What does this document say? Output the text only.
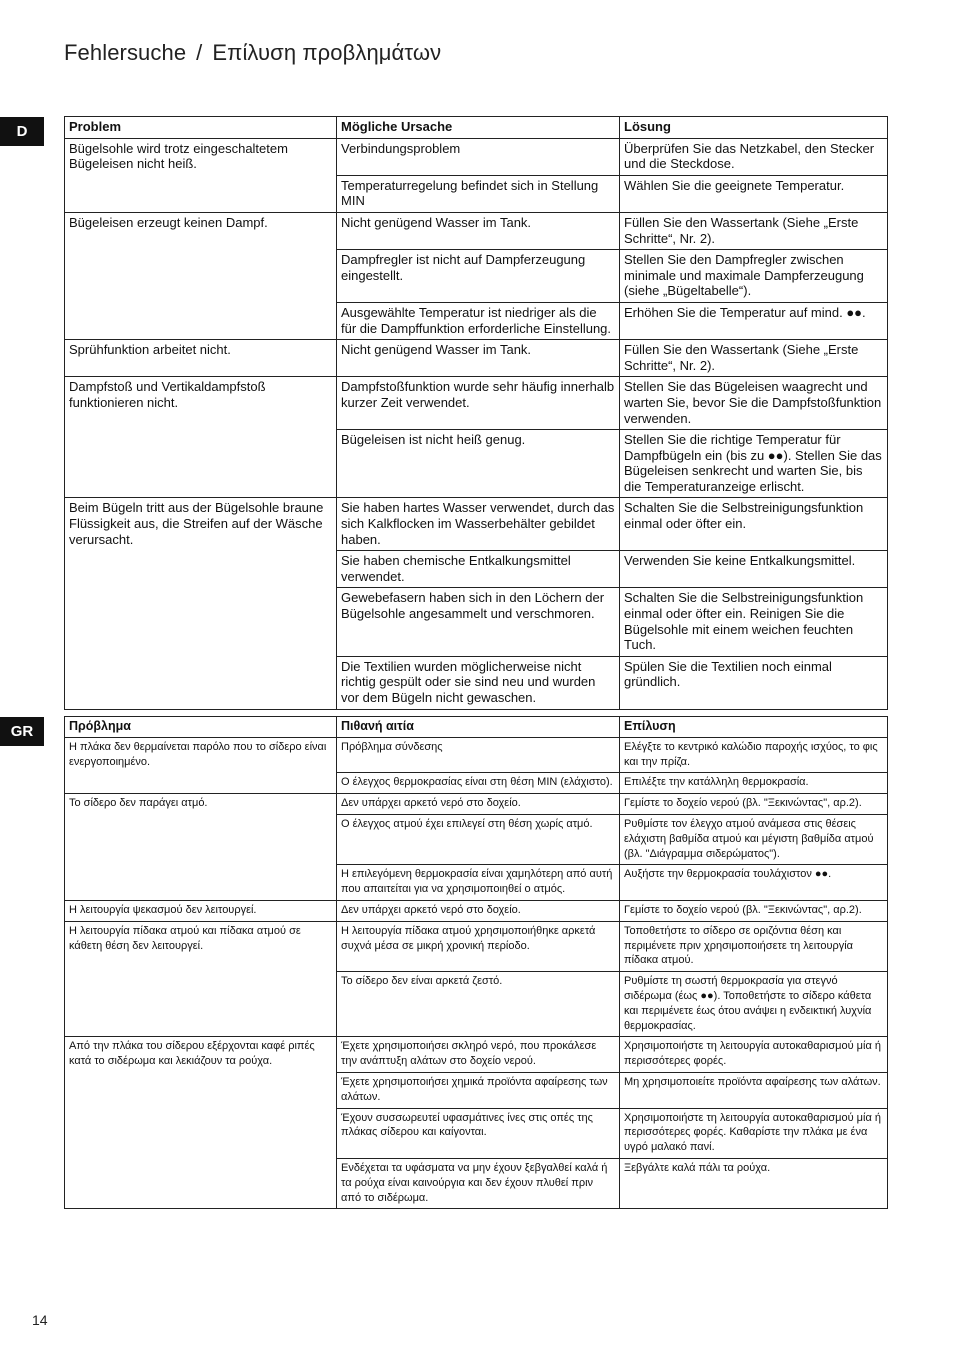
Fehlersuche / Επίλυση προβλημάτων
D
GR
Problem	Mögliche Ursache	Lösung
Bügelsohle wird trotz eingeschaltetem Bügeleisen nicht heiß.	Verbindungsproblem	Überprüfen Sie das Netzkabel, den Stecker und die Steckdose.
	Temperaturregelung befindet sich in Stellung MIN	Wählen Sie die geeignete Temperatur.
Bügeleisen erzeugt keinen Dampf.	Nicht genügend Wasser im Tank.	Füllen Sie den Wassertank (Siehe „Erste Schritte“, Nr. 2).
	Dampfregler ist nicht auf Dampferzeugung eingestellt.	Stellen Sie den Dampfregler zwischen minimale und maximale Dampferzeugung (siehe „Bügeltabelle“).
	Ausgewählte Temperatur ist niedriger als die für die Dampffunktion erforderliche Einstellung.	Erhöhen Sie die Temperatur auf mind. ●●.
Sprühfunktion arbeitet nicht.	Nicht genügend Wasser im Tank.	Füllen Sie den Wassertank (Siehe „Erste Schritte“, Nr. 2).
Dampfstoß und Vertikaldampfstoß funktionieren nicht.	Dampfstoßfunktion wurde sehr häufig innerhalb kurzer Zeit verwendet.	Stellen Sie das Bügeleisen waagrecht und warten Sie, bevor Sie die Dampfstoßfunktion verwenden.
	Bügeleisen ist nicht heiß genug.	Stellen Sie die richtige Temperatur für Dampfbügeln ein (bis zu ●●). Stellen Sie das Bügeleisen senkrecht und warten Sie, bis die Temperaturanzeige erlischt.
Beim Bügeln tritt aus der Bügelsohle braune Flüssigkeit aus, die Streifen auf der Wäsche verursacht.	Sie haben hartes Wasser verwendet, durch das sich Kalkflocken im Wasserbehälter gebildet haben.	Schalten Sie die Selbstreinigungsfunktion einmal oder öfter ein.
	Sie haben chemische Entkalkungsmittel verwendet.	Verwenden Sie keine Entkalkungsmittel.
	Gewebefasern haben sich in den Löchern der Bügelsohle angesammelt und verschmoren.	Schalten Sie die Selbstreinigungsfunktion einmal oder öfter ein. Reinigen Sie die Bügelsohle mit einem weichen feuchten Tuch.
	Die Textilien wurden möglicherweise nicht richtig gespült oder sie sind neu und wurden vor dem Bügeln nicht gewaschen.	Spülen Sie die Textilien noch einmal gründlich.
Πρόβλημα	Πιθανή αιτία	Επίλυση
Η πλάκα δεν θερμαίνεται παρόλο που το σίδερο είναι ενεργοποιημένο.	Πρόβλημα σύνδεσης	Ελέγξτε το κεντρικό καλώδιο παροχής ισχύος, το φις και την πρίζα.
	Ο έλεγχος θερμοκρασίας είναι στη θέση MIN (ελάχιστο).	Επιλέξτε την κατάλληλη θερμοκρασία.
Το σίδερο δεν παράγει ατμό.	Δεν υπάρχει αρκετό νερό στο δοχείο.	Γεμίστε το δοχείο νερού (βλ. "Ξεκινώντας", αρ.2).
	Ο έλεγχος ατμού έχει επιλεγεί στη θέση χωρίς ατμό.	Ρυθμίστε τον έλεγχο ατμού ανάμεσα στις θέσεις ελάχιστη βαθμίδα ατμού και μέγιστη βαθμίδα ατμού (βλ. "Διάγραμμα σιδερώματος").
	Η επιλεγόμενη θερμοκρασία είναι χαμηλότερη από αυτή που απαιτείται για να χρησιμοποιηθεί ο ατμός.	Αυξήστε την θερμοκρασία τουλάχιστον ●●.
Η λειτουργία ψεκασμού δεν λειτουργεί.	Δεν υπάρχει αρκετό νερό στο δοχείο.	Γεμίστε το δοχείο νερού (βλ. "Ξεκινώντας", αρ.2).
Η λειτουργία πίδακα ατμού και πίδακα ατμού σε κάθετη θέση δεν λειτουργεί.	Η λειτουργία πίδακα ατμού χρησιμοποιήθηκε αρκετά συχνά μέσα σε μικρή χρονική περίοδο.	Τοποθετήστε το σίδερο σε οριζόντια θέση και περιμένετε πριν χρησιμοποιήσετε τη λειτουργία πίδακα ατμού.
	Το σίδερο δεν είναι αρκετά ζεστό.	Ρυθμίστε τη σωστή θερμοκρασία για στεγνό σιδέρωμα (έως ●●). Τοποθετήστε το σίδερο κάθετα και περιμένετε έως ότου ανάψει η ενδεικτική λυχνία θερμοκρασίας.
Από την πλάκα του σίδερου εξέρχονται καφέ ριπές κατά το σιδέρωμα και λεκιάζουν τα ρούχα.	Έχετε χρησιμοποιήσει σκληρό νερό, που προκάλεσε την ανάπτυξη αλάτων στο δοχείο νερού.	Χρησιμοποιήστε τη λειτουργία αυτοκαθαρισμού μία ή περισσότερες φορές.
	Έχετε χρησιμοποιήσει χημικά προϊόντα αφαίρεσης των αλάτων.	Μη χρησιμοποιείτε προϊόντα αφαίρεσης των αλάτων.
	Έχουν συσσωρευτεί υφασμάτινες ίνες στις οπές της πλάκας σίδερου και καίγονται.	Χρησιμοποιήστε τη λειτουργία αυτοκαθαρισμού μία ή περισσότερες φορές. Καθαρίστε την πλάκα με ένα υγρό μαλακό πανί.
	Ενδέχεται τα υφάσματα να μην έχουν ξεβγαλθεί καλά ή τα ρούχα είναι καινούργια και δεν έχουν πλυθεί πριν από το σιδέρωμα.	Ξεβγάλτε καλά πάλι τα ρούχα.
14
